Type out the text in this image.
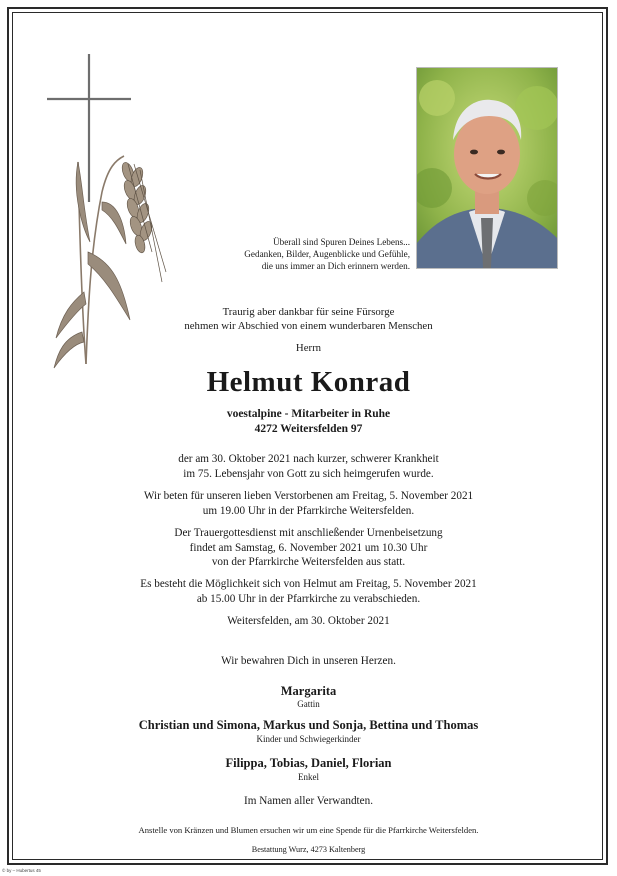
Überall sind Spuren Deines Lebens...
Gedanken, Bilder, Augenblicke und Gefühle,
die uns immer an Dich erinnern werden.
Traurig aber dankbar für seine Fürsorge
nehmen wir Abschied von einem wunderbaren Menschen
Herrn
Helmut Konrad
voestalpine - Mitarbeiter in Ruhe
4272 Weitersfelden 97
der am 30. Oktober 2021 nach kurzer, schwerer Krankheit
im 75. Lebensjahr von Gott zu sich heimgerufen wurde.
Wir beten für unseren lieben Verstorbenen am Freitag, 5. November 2021
um 19.00 Uhr in der Pfarrkirche Weitersfelden.
Der Trauergottesdienst mit anschließender Urnenbeisetzung
findet am Samstag, 6. November 2021 um 10.30 Uhr
von der Pfarrkirche Weitersfelden aus statt.
Es besteht die Möglichkeit sich von Helmut am Freitag, 5. November 2021
ab 15.00 Uhr in der Pfarrkirche zu verabschieden.
Weitersfelden, am 30. Oktober 2021
Wir bewahren Dich in unseren Herzen.
Margarita
Gattin
Christian und Simona, Markus und Sonja, Bettina und Thomas
Kinder und Schwiegerkinder
Filippa, Tobias, Daniel, Florian
Enkel
Im Namen aller Verwandten.
Anstelle von Kränzen und Blumen ersuchen wir um eine Spende für die Pfarrkirche Weitersfelden.
Bestattung Wurz, 4273 Kaltenberg
© by – Hubertus 45
